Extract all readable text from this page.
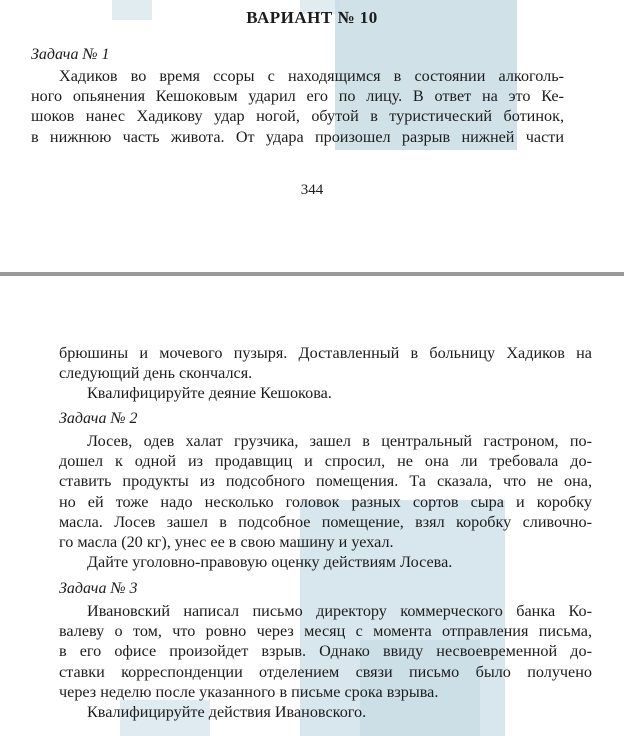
ВАРИАНТ № 10
Задача № 1
Хадиков во время ссоры с находящимся в состоянии алкоголь-
ного опьянения Кешоковым ударил его по лицу. В ответ на это Ке-
шоков нанес Хадикову удар ногой, обутой в туристический ботинок,
в нижнюю часть живота. От удара произошел разрыв нижней части
344
брюшины и мочевого пузыря. Доставленный в больницу Хадиков на
следующий день скончался.
Квалифицируйте деяние Кешокова.
Задача № 2
Лосев, одев халат грузчика, зашел в центральный гастроном, по-
дошел к одной из продавщиц и спросил, не она ли требовала до-
ставить продукты из подсобного помещения. Та сказала, что не она,
но ей тоже надо несколько головок разных сортов сыра и коробку
масла. Лосев зашел в подсобное помещение, взял коробку сливочно-
го масла (20 кг), унес ее в свою машину и уехал.
Дайте уголовно-правовую оценку действиям Лосева.
Задача № 3
Ивановский написал письмо директору коммерческого банка Ко-
валеву о том, что ровно через месяц с момента отправления письма,
в его офисе произойдет взрыв. Однако ввиду несвоевременной до-
ставки корреспонденции отделением связи письмо было получено
через неделю после указанного в письме срока взрыва.
Квалифицируйте действия Ивановского.
